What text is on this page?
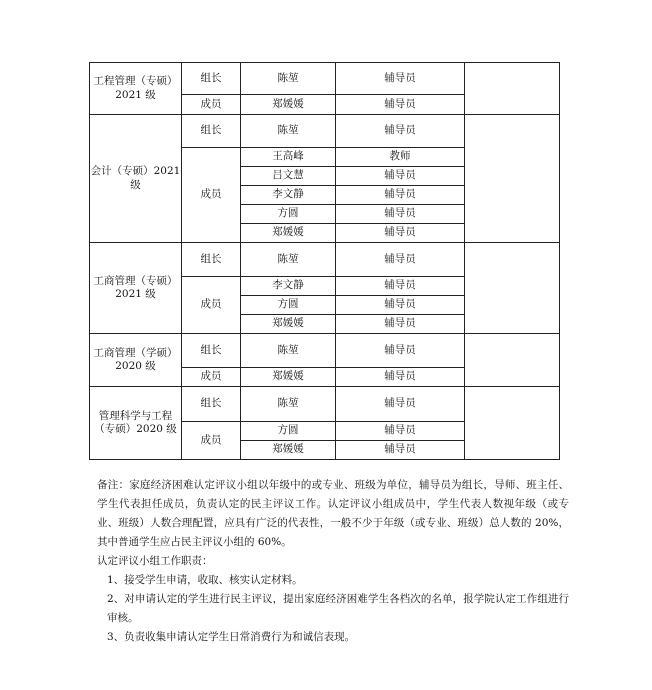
工程管理（专硕）
2021 级	组长	陈堃	辅导员	
	成员	郑媛媛	辅导员	

会计（专硕）2021
级	组长	陈堃	辅导员	
	成员	王高峰	教师	
		吕文慧	辅导员	
		李文静	辅导员	
		方圆	辅导员	
		郑媛媛	辅导员	

工商管理（专硕）
2021 级	组长	陈堃	辅导员	
	成员	李文静	辅导员	
		方圆	辅导员	
		郑媛媛	辅导员	

工商管理（学硕）
2020 级	组长	陈堃	辅导员	
	成员	郑媛媛	辅导员	

管理科学与工程
（专硕）2020 级	组长	陈堃	辅导员	
	成员	方圆	辅导员	
		郑媛媛	辅导员	

备注：家庭经济困难认定评议小组以年级中的或专业、班级为单位，辅导员为组长，导师、班主任、学生代表担任成员，负责认定的民主评议工作。认定评议小组成员中，学生代表人数视年级（或专业、班级）人数合理配置，应具有广泛的代表性，一般不少于年级（或专业、班级）总人数的 20%，其中普通学生应占民主评议小组的 60%。

认定评议小组工作职责：

1、接受学生申请，收取、核实认定材料。

2、对申请认定的学生进行民主评议，提出家庭经济困难学生各档次的名单，报学院认定工作组进行审核。

3、负责收集申请认定学生日常消费行为和诚信表现。
